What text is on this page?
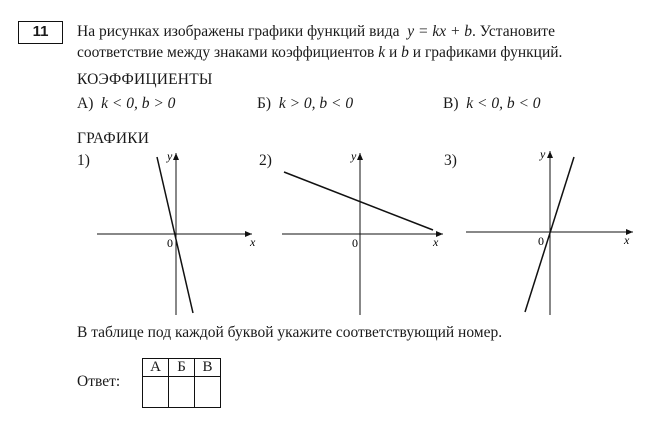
11	На рисунках изображены графики функций вида y = kx + b. Установите
соответствие между знаками коэффициентов k и b и графиками функций.
КОЭФФИЦИЕНТЫ
А) k < 0, b > 0	Б) k > 0, b < 0	В) k < 0, b < 0
ГРАФИКИ
1)	2)	3)
x
y
0	x
y
0	x
y
0
В таблице под каждой буквой укажите соответствующий номер.
Ответ:
А	Б	В
